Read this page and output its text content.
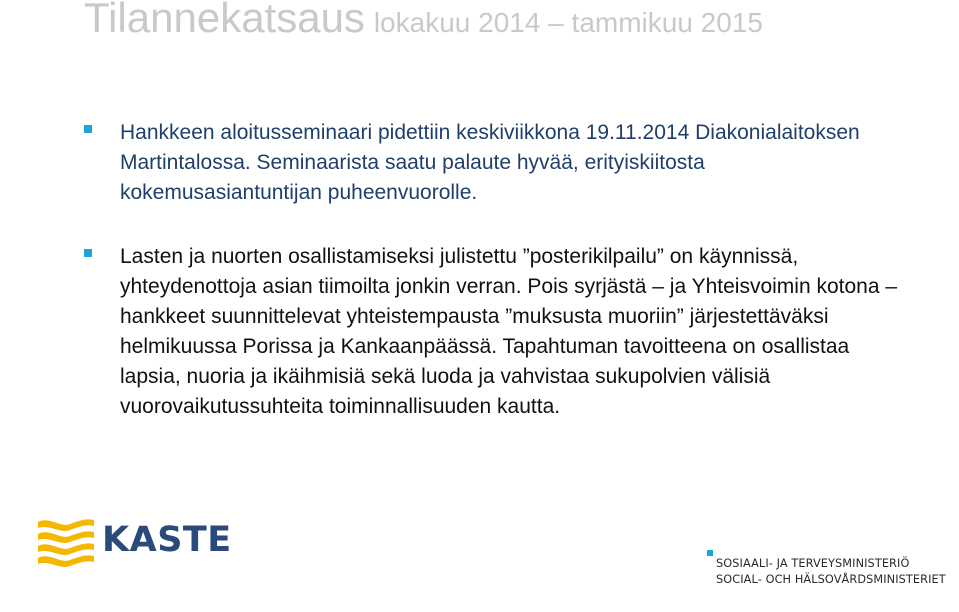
Tilannekatsaus lokakuu 2014 – tammikuu 2015
Hankkeen aloitusseminaari pidettiin keskiviikkona 19.11.2014 Diakonialaitoksen Martintalossa. Seminaarista saatu palaute hyvää, erityiskiitosta kokemusasiantuntijan puheenvuorolle.
Lasten ja nuorten osallistamiseksi julistettu ”posterikilpailu” on käynnissä, yhteydenottoja asian tiimoilta jonkin verran. Pois syrjästä – ja Yhteisvoimin kotona –hankkeet suunnittelevat yhteistempausta ”muksusta muoriin” järjestettäväksi helmikuussa Porissa ja Kankaanpäässä. Tapahtuman tavoitteena on osallistaa lapsia, nuoria ja ikäihmisiä sekä luoda ja vahvistaa sukupolvien välisiä vuorovaikutussuhteita toiminnallisuuden kautta.
KASTE
SOSIAALI- JA TERVEYSMINISTERIÖ
SOCIAL- OCH HÄLSOVÅRDSMINISTERIET
